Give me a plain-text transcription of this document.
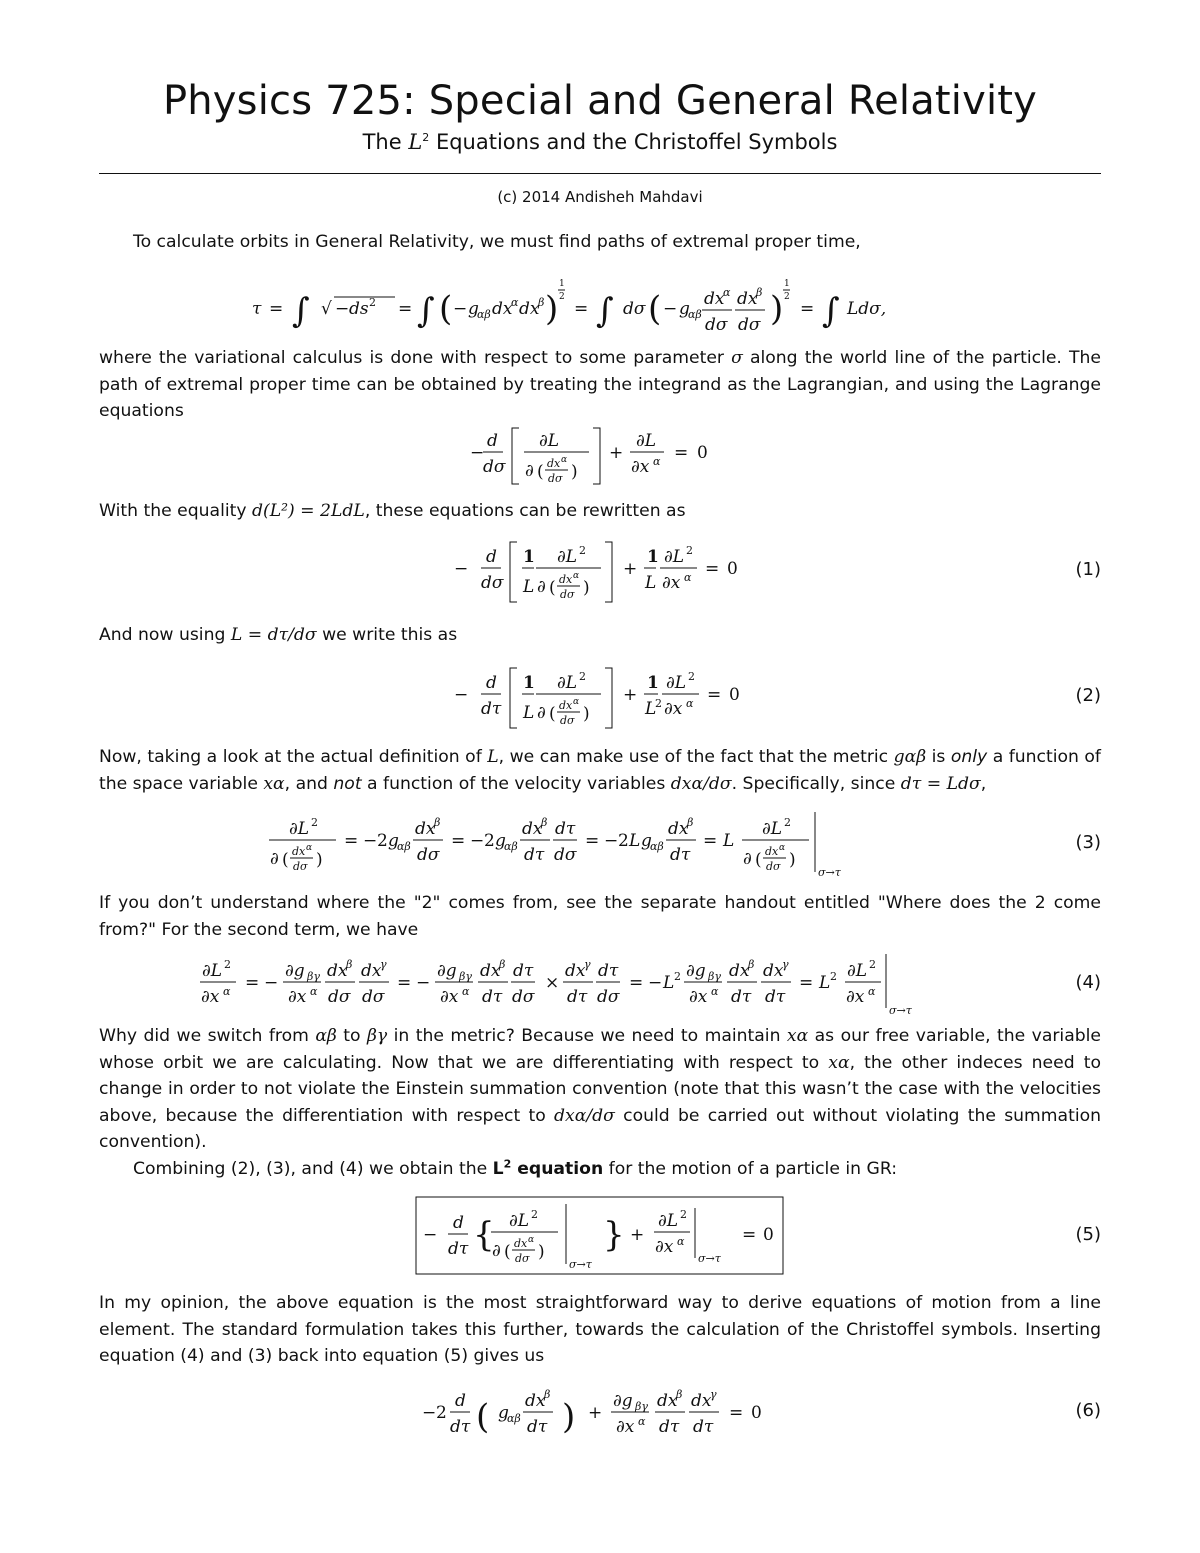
Physics 725: Special and General Relativity
The $L^2$ Equations and the Christoffel Symbols
(c) 2014 Andisheh Mahdavi
To calculate orbits in General Relativity, we must find paths of extremal proper time,
τ = ∫ √ − ds 2 = ∫ ( − g
αβ dx
α dx
β )
1
2
= ∫ dσ ( − g
αβ
dx
α
dσ
dx
β
dσ )
1
2
= ∫ Ldσ,
where the variational calculus is done with respect to some parameter σ along the world line of the particle. The path of extremal proper time can be obtained by treating the integrand as the Lagrangian, and using the Lagrange equations
−
d
dσ
∂L
∂ ( dx α
dσ )
+
∂L
∂x α = 0
With the equality d(L²) = 2LdL, these equations can be rewritten as
−
d
dσ
1
L
∂L 2
∂ ( dx α
dσ )
+
1
L
∂L 2
∂x α = 0	(1)
And now using L = dτ/dσ we write this as
−
d
dτ
1
L
∂L 2
∂ ( dx α
dσ )
+
1
L
2
∂L 2
∂x α = 0	(2)
Now, taking a look at the actual definition of L, we can make use of the fact that the metric gαβ is only a function of the space variable xα, and not a function of the velocity variables dxα/dσ. Specifically, since dτ = Ldσ,
∂L 2
∂ ( dx α
dσ )
= − 2 g
αβ
dx
β
dσ
= − 2 g
αβ
dx
β
dτ
dτ
dσ
= − 2 L g
αβ
dx
β
dτ
= L
∂L 2
∂ ( dx α
dσ )
σ→τ
(3)
If you don’t understand where the "2" comes from, see the separate handout entitled "Where does the 2 come from?" For the second term, we have
∂L 2
∂x α = −
∂g βγ
∂x α
dx
β
dσ
dx
γ
dσ
= −
∂g βγ
∂x α
dx
β
dτ
dτ
dσ
×
dx
γ
dτ
dτ
dσ
= − L 2 ∂g βγ
∂x α
dx
β
dτ
dx
γ
dτ
= L 2 ∂L 2
∂x α
σ→τ
(4)
Why did we switch from αβ to βγ in the metric? Because we need to maintain xα as our free variable, the variable whose orbit we are calculating. Now that we are differentiating with respect to xα, the other indeces need to change in order to not violate the Einstein summation convention (note that this wasn’t the case with the velocities above, because the differentiation with respect to dxα/dσ could be carried out without violating the summation convention).
Combining (2), (3), and (4) we obtain the $L^2$ equation for the motion of a particle in GR:
−
d
dτ { ∂L 2
∂ ( dx α
dσ )
σ→τ
} +
∂L 2
∂x α
σ→τ
= 0	(5)
In my opinion, the above equation is the most straightforward way to derive equations of motion from a line element. The standard formulation takes this further, towards the calculation of the Christoffel symbols. Inserting equation (4) and (3) back into equation (5) gives us
− 2
d
dτ ( g
αβ
dx
β
dτ ) +
∂g βγ
∂x α
dx
β
dτ
dx
γ
dτ
= 0	(6)
